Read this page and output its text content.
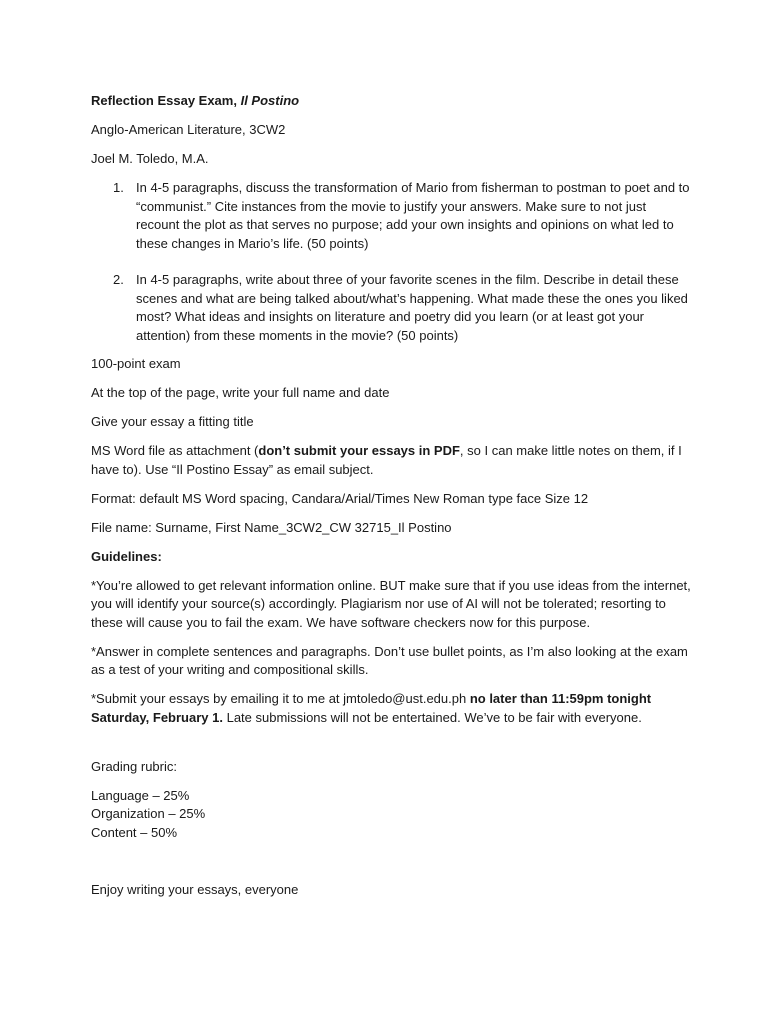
Reflection Essay Exam, Il Postino

Anglo-American Literature, 3CW2

Joel M. Toledo, M.A.

1. In 4-5 paragraphs, discuss the transformation of Mario from fisherman to postman to poet and to “communist.” Cite instances from the movie to justify your answers. Make sure to not just recount the plot as that serves no purpose; add your own insights and opinions on what led to these changes in Mario’s life. (50 points)
2. In 4-5 paragraphs, write about three of your favorite scenes in the film. Describe in detail these scenes and what are being talked about/what’s happening. What made these the ones you liked most? What ideas and insights on literature and poetry did you learn (or at least got your attention) from these moments in the movie? (50 points)

100-point exam

At the top of the page, write your full name and date

Give your essay a fitting title

MS Word file as attachment (don’t submit your essays in PDF, so I can make little notes on them, if I have to). Use “Il Postino Essay” as email subject.

Format: default MS Word spacing, Candara/Arial/Times New Roman type face Size 12

File name: Surname, First Name_3CW2_CW 32715_Il Postino

Guidelines:

*You’re allowed to get relevant information online. BUT make sure that if you use ideas from the internet, you will identify your source(s) accordingly. Plagiarism nor use of AI will not be tolerated; resorting to these will cause you to fail the exam. We have software checkers now for this purpose.

*Answer in complete sentences and paragraphs. Don’t use bullet points, as I’m also looking at the exam as a test of your writing and compositional skills.

*Submit your essays by emailing it to me at jmtoledo@ust.edu.ph no later than 11:59pm tonight Saturday, February 1. Late submissions will not be entertained. We’ve to be fair with everyone.

Grading rubric:

Language – 25%

Organization – 25%

Content – 50%

Enjoy writing your essays, everyone
